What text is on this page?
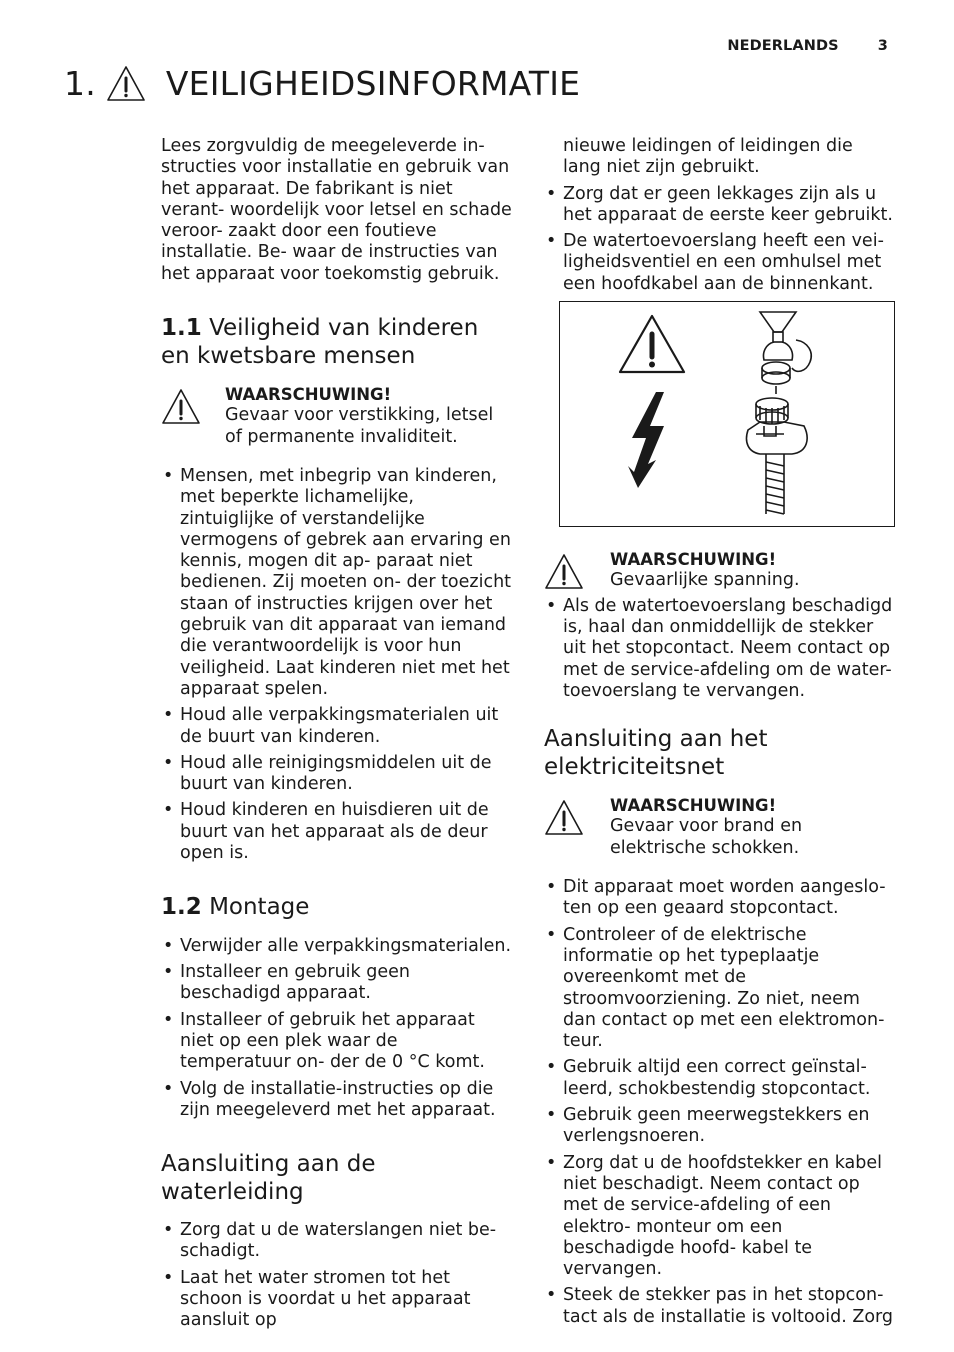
NEDERLANDS	3
1. VEILIGHEIDSINFORMATIE

Lees zorgvuldig de meegeleverde in- structies voor installatie en gebruik van het apparaat. De fabrikant is niet verant- woordelijk voor letsel en schade veroor- zaakt door een foutieve installatie. Be- waar de instructies van het apparaat voor toekomstig gebruik.

1.1 Veiligheid van kinderen en kwetsbare mensen
WAARSCHUWING!
Gevaar voor verstikking, letsel of permanente invaliditeit.
• Mensen, met inbegrip van kinderen, met beperkte lichamelijke, zintuiglijke of verstandelijke vermogens of gebrek aan ervaring en kennis, mogen dit ap- paraat niet bedienen. Zij moeten on- der toezicht staan of instructies krijgen over het gebruik van dit apparaat van iemand die verantwoordelijk is voor hun veiligheid. Laat kinderen niet met het apparaat spelen.
• Houd alle verpakkingsmaterialen uit de buurt van kinderen.
• Houd alle reinigingsmiddelen uit de buurt van kinderen.
• Houd kinderen en huisdieren uit de buurt van het apparaat als de deur open is.
1.2 Montage
• Verwijder alle verpakkingsmaterialen.
• Installeer en gebruik geen beschadigd apparaat.
• Installeer of gebruik het apparaat niet op een plek waar de temperatuur on- der de 0 °C komt.
• Volg de installatie-instructies op die zijn meegeleverd met het apparaat.
Aansluiting aan de waterleiding
• Zorg dat u de waterslangen niet be- schadigt.
• Laat het water stromen tot het schoon is voordat u het apparaat aansluit op

nieuwe leidingen of leidingen die lang niet zijn gebruikt.

• Zorg dat er geen lekkages zijn als u het apparaat de eerste keer gebruikt.
• De watertoevoerslang heeft een vei- ligheidsventiel en een omhulsel met een hoofdkabel aan de binnenkant.
WAARSCHUWING!
Gevaarlijke spanning.
• Als de watertoevoerslang beschadigd is, haal dan onmiddellijk de stekker uit het stopcontact. Neem contact op met de service-afdeling om de water- toevoerslang te vervangen.
Aansluiting aan het elektriciteitsnet
WAARSCHUWING!
Gevaar voor brand en elektrische schokken.
• Dit apparaat moet worden aangeslo- ten op een geaard stopcontact.
• Controleer of de elektrische informatie op het typeplaatje overeenkomt met de stroomvoorziening. Zo niet, neem dan contact op met een elektromon- teur.
• Gebruik altijd een correct geïnstal- leerd, schokbestendig stopcontact.
• Gebruik geen meerwegstekkers en verlengsnoeren.
• Zorg dat u de hoofdstekker en kabel niet beschadigt. Neem contact op met de service-afdeling of een elektro- monteur om een beschadigde hoofd- kabel te vervangen.
• Steek de stekker pas in het stopcon- tact als de installatie is voltooid. Zorg
